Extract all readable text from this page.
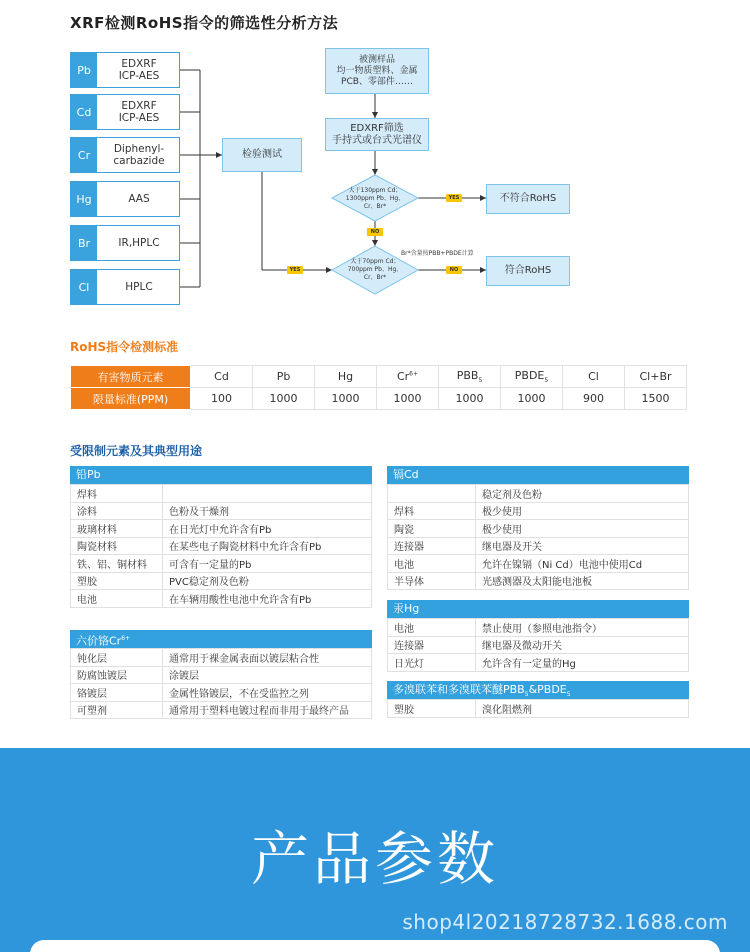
XRF检测RoHS指令的筛选性分析方法
Pb	EDXRF
ICP-AES
Cd	EDXRF
ICP-AES
Cr	Diphenyl-
carbazide
Hg	AAS
Br	IR,HPLC
Cl	HPLC
检验测试
被测样品
均一物质塑料、金属
PCB、零部件……
EDXRF筛选
手持式或台式光谱仪
不符合RoHS
符合RoHS
大于130ppm Cd；
1300ppm Pb、Hg、
Cr、Br*
大于70ppm Cd；
700ppm Pb、Hg、
Cr、Br*
YES
NO
YES	NO
Br*含量按PBB+PBDE计算
RoHS指令检测标准
有害物质元素	Cd	Pb	Hg	$Cr^{6+}$	$PBB_5$	$PBDE_5$	Cl	Cl+Br
限量标准(PPM)	100	1000	1000	1000	1000	1000	900	1500
受限制元素及其典型用途
铅Pb
焊料	
涂料	色粉及干燥剂
玻璃材料	在日光灯中允许含有Pb
陶瓷材料	在某些电子陶瓷材料中允许含有Pb
铁、铝、铜材料	可含有一定量的Pb
塑胶	PVC稳定剂及色粉
电池	在车辆用酸性电池中允许含有Pb
六价铬$Cr^{6+}$
钝化层	通常用于裸金属表面以镀层粘合性
防腐蚀镀层	涂镀层
铬镀层	金属性铬镀层，不在受监控之列
可塑剂	通常用于塑料电镀过程而非用于最终产品
镉Cd
	稳定剂及色粉
焊料	极少使用
陶瓷	极少使用
连接器	继电器及开关
电池	允许在镍镉（Ni Cd）电池中使用Cd
半导体	光感测器及太阳能电池板
汞Hg
电池	禁止使用（参照电池指令）
连接器	继电器及微动开关
日光灯	允许含有一定量的Hg
多溴联苯和多溴联苯醚$PBB_5\&PBDE_5$
塑胶	溴化阻燃剂
产品参数
shop4l20218728732.1688.com
